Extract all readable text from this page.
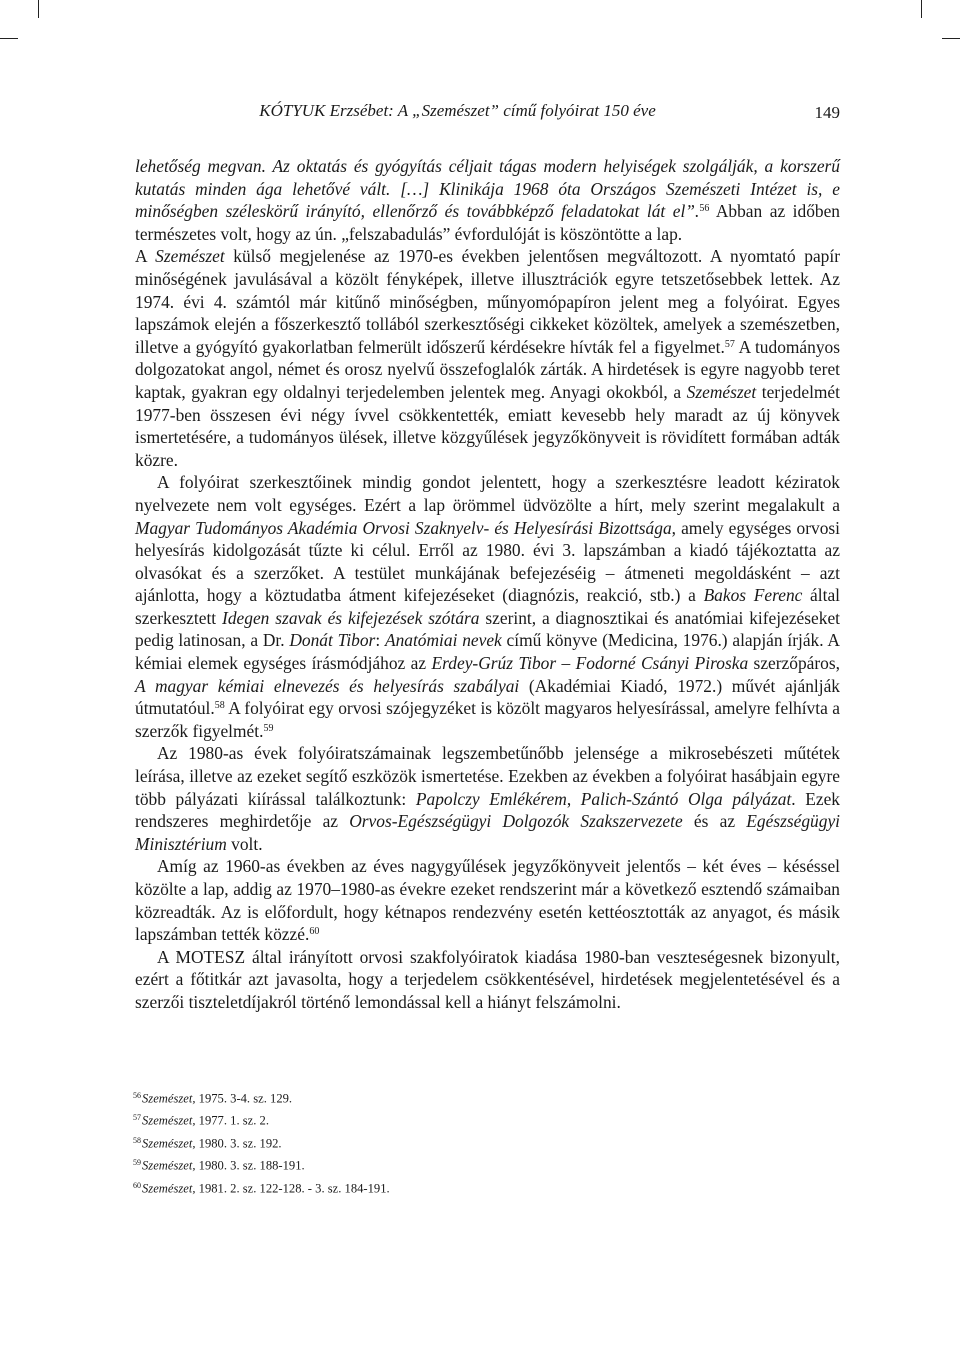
KÓTYUK Erzsébet: A „Szemészet” című folyóirat 150 éve	149

lehetőség megvan. Az oktatás és gyógyítás céljait tágas modern helyiségek szolgálják, a korszerű kutatás minden ága lehetővé vált. […] Klinikája 1968 óta Országos Szemészeti Intézet is, e minőségben széleskörű irányító, ellenőrző és továbbképző feladatokat lát el”.$^{56}$ Abban az időben természetes volt, hogy az ún. „felszabadulás” évfordulóját is köszöntötte a lap.

A Szemészet külső megjelenése az 1970-es években jelentősen megváltozott. A nyomtató papír minőségének javulásával a közölt fényképek, illetve illusztrációk egyre tetszetősebbek lettek. Az 1974. évi 4. számtól már kitűnő minőségben, műnyomópapíron jelent meg a folyóirat. Egyes lapszámok elején a főszerkesztő tollából szerkesztőségi cikkeket közöltek, amelyek a szemészetben, illetve a gyógyító gyakorlatban felmerült időszerű kérdésekre hívták fel a figyelmet.$^{57}$ A tudományos dolgozatokat angol, német és orosz nyelvű összefoglalók zárták. A hirdetések is egyre nagyobb teret kaptak, gyakran egy oldalnyi terjedelemben jelentek meg. Anyagi okokból, a Szemészet terjedelmét 1977-ben összesen évi négy ívvel csökkentették, emiatt kevesebb hely maradt az új könyvek ismertetésére, a tudományos ülések, illetve közgyűlések jegyzőkönyveit is rövidített formában adták közre.

A folyóirat szerkesztőinek mindig gondot jelentett, hogy a szerkesztésre leadott kéziratok nyelvezete nem volt egységes. Ezért a lap örömmel üdvözölte a hírt, mely szerint megalakult a Magyar Tudományos Akadémia Orvosi Szaknyelv- és Helyesírási Bizottsága, amely egységes orvosi helyesírás kidolgozását tűzte ki célul. Erről az 1980. évi 3. lapszámban a kiadó tájékoztatta az olvasókat és a szerzőket. A testület munkájának befejezéséig – átmeneti megoldásként – azt ajánlotta, hogy a köztudatba átment kifejezéseket (diagnózis, reakció, stb.) a Bakos Ferenc által szerkesztett Idegen szavak és kifejezések szótára szerint, a diagnosztikai és anatómiai kifejezéseket pedig latinosan, a Dr. Donát Tibor: Anatómiai nevek című könyve (Medicina, 1976.) alapján írják. A kémiai elemek egységes írásmódjához az Erdey-Grúz Tibor – Fodorné Csányi Piroska szerzőpáros, A magyar kémiai elnevezés és helyesírás szabályai (Akadémiai Kiadó, 1972.) művét ajánlják útmutatóul.$^{58}$ A folyóirat egy orvosi szójegyzéket is közölt magyaros helyesírással, amelyre felhívta a szerzők figyelmét.$^{59}$

Az 1980-as évek folyóiratszámainak legszembetűnőbb jelensége a mikrosebészeti műtétek leírása, illetve az ezeket segítő eszközök ismertetése. Ezekben az években a folyóirat hasábjain egyre több pályázati kiírással találkoztunk: Papolczy Emlékérem, Palich-Szántó Olga pályázat. Ezek rendszeres meghirdetője az Orvos-Egészségügyi Dolgozók Szakszervezete és az Egészségügyi Minisztérium volt.

Amíg az 1960-as években az éves nagygyűlések jegyzőkönyveit jelentős – két éves – késéssel közölte a lap, addig az 1970–1980-as évekre ezeket rendszerint már a következő esztendő számaiban közreadták. Az is előfordult, hogy kétnapos rendezvény esetén kettéosztották az anyagot, és másik lapszámban tették közzé.$^{60}$

A MOTESZ által irányított orvosi szakfolyóiratok kiadása 1980-ban veszteségesnek bizonyult, ezért a főtitkár azt javasolta, hogy a terjedelem csökkentésével, hirdetések megjelentetésével és a szerzői tiszteletdíjakról történő lemondással kell a hiányt felszámolni.

$^{56}$Szemészet, 1975. 3-4. sz. 129.
$^{57}$Szemészet, 1977. 1. sz. 2.
$^{58}$Szemészet, 1980. 3. sz. 192.
$^{59}$Szemészet, 1980. 3. sz. 188-191.
$^{60}$Szemészet, 1981. 2. sz. 122-128. - 3. sz. 184-191.
